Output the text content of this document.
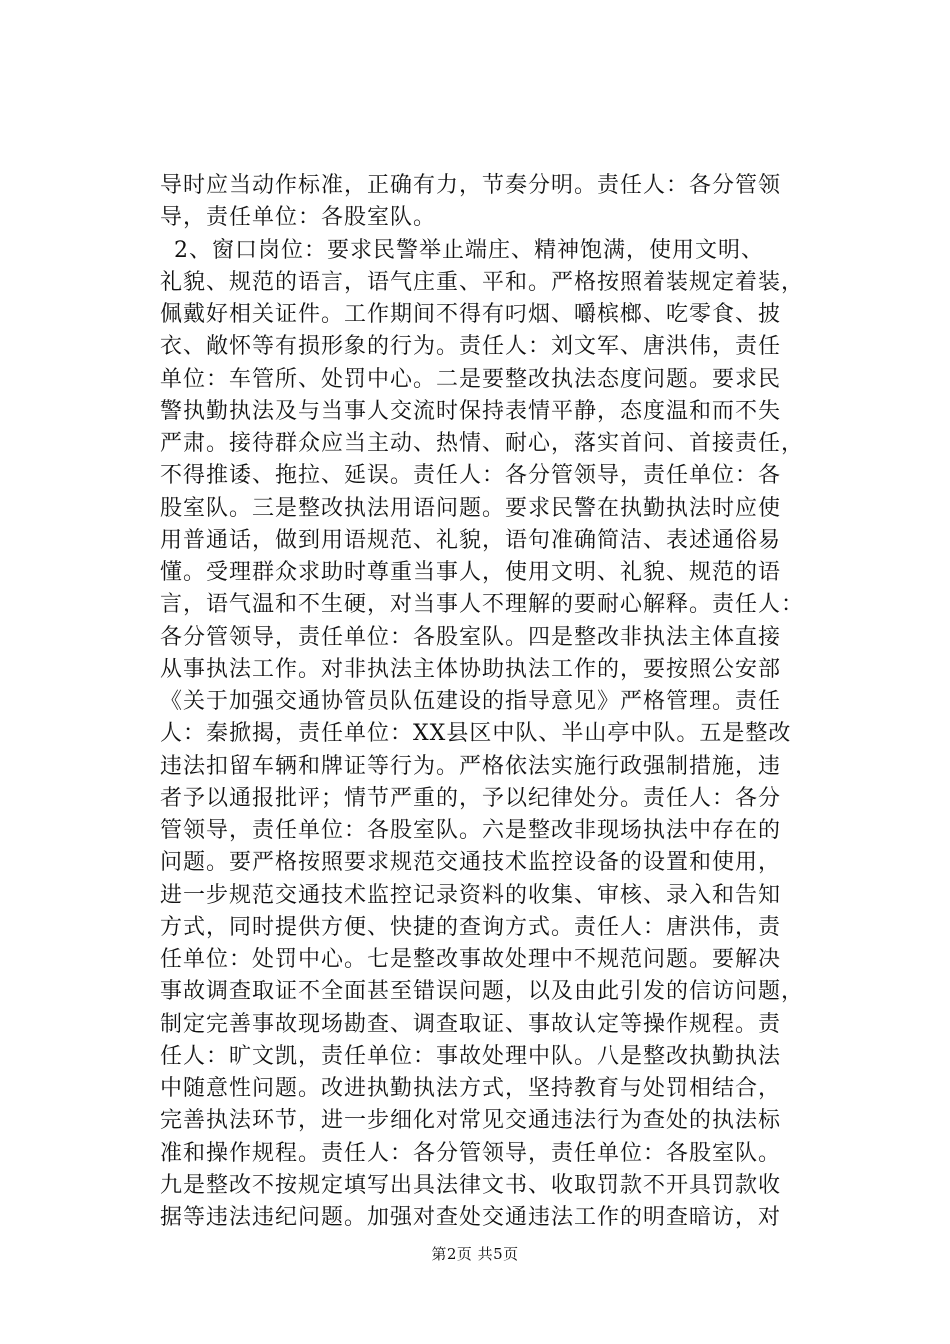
导时应当动作标准，正确有力，节奏分明。责任人：各分管领
导，责任单位：各股室队。
2、窗口岗位：要求民警举止端庄、精神饱满，使用文明、
礼貌、规范的语言，语气庄重、平和。严格按照着装规定着装，
佩戴好相关证件。工作期间不得有叼烟、嚼槟榔、吃零食、披
衣、敞怀等有损形象的行为。责任人：刘文军、唐洪伟，责任
单位：车管所、处罚中心。二是要整改执法态度问题。要求民
警执勤执法及与当事人交流时保持表情平静，态度温和而不失
严肃。接待群众应当主动、热情、耐心，落实首问、首接责任，
不得推诿、拖拉、延误。责任人：各分管领导，责任单位：各
股室队。三是整改执法用语问题。要求民警在执勤执法时应使
用普通话，做到用语规范、礼貌，语句准确简洁、表述通俗易
懂。受理群众求助时尊重当事人，使用文明、礼貌、规范的语
言，语气温和不生硬，对当事人不理解的要耐心解释。责任人：
各分管领导，责任单位：各股室队。四是整改非执法主体直接
从事执法工作。对非执法主体协助执法工作的，要按照公安部
《关于加强交通协管员队伍建设的指导意见》严格管理。责任
人：秦掀揭，责任单位：XX县区中队、半山亭中队。五是整改
违法扣留车辆和牌证等行为。严格依法实施行政强制措施，违
者予以通报批评；情节严重的，予以纪律处分。责任人：各分
管领导，责任单位：各股室队。六是整改非现场执法中存在的
问题。要严格按照要求规范交通技术监控设备的设置和使用，
进一步规范交通技术监控记录资料的收集、审核、录入和告知
方式，同时提供方便、快捷的查询方式。责任人：唐洪伟，责
任单位：处罚中心。七是整改事故处理中不规范问题。要解决
事故调查取证不全面甚至错误问题，以及由此引发的信访问题，
制定完善事故现场勘查、调查取证、事故认定等操作规程。责
任人：旷文凯，责任单位：事故处理中队。八是整改执勤执法
中随意性问题。改进执勤执法方式，坚持教育与处罚相结合，
完善执法环节，进一步细化对常见交通违法行为查处的执法标
准和操作规程。责任人：各分管领导，责任单位：各股室队。
九是整改不按规定填写出具法律文书、收取罚款不开具罚款收
据等违法违纪问题。加强对查处交通违法工作的明查暗访，对
第2页 共5页
